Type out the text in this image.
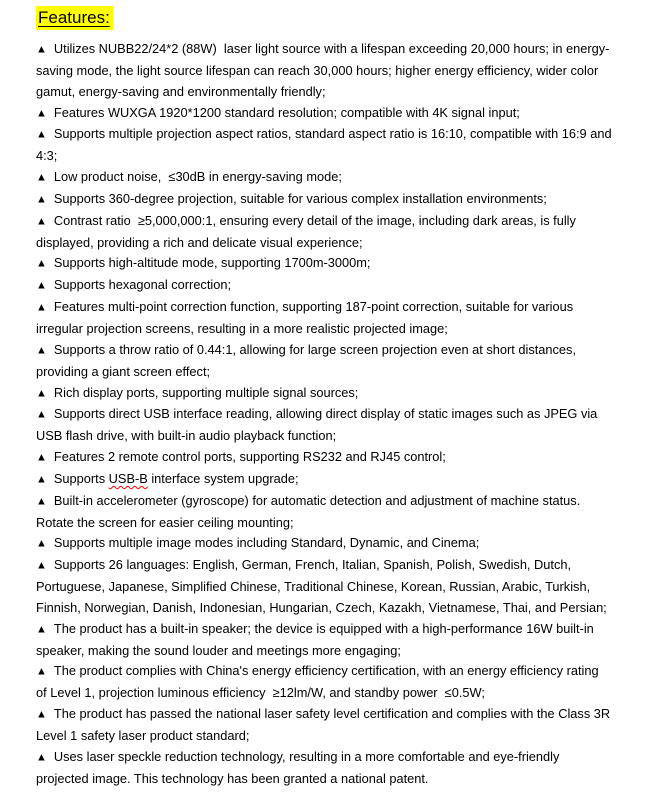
Features:

▲ Utilizes NUBB22/24*2 (88W)  laser light source with a lifespan exceeding 20,000 hours; in energy-saving mode, the light source lifespan can reach 30,000 hours; higher energy efficiency, wider color gamut, energy-saving and environmentally friendly;

▲ Features WUXGA 1920*1200 standard resolution; compatible with 4K signal input;

▲ Supports multiple projection aspect ratios, standard aspect ratio is 16:10, compatible with 16:9 and 4:3;

▲ Low product noise,  ≤30dB in energy-saving mode;

▲ Supports 360-degree projection, suitable for various complex installation environments;

▲ Contrast ratio  ≥5,000,000:1, ensuring every detail of the image, including dark areas, is fully displayed, providing a rich and delicate visual experience;

▲ Supports high-altitude mode, supporting 1700m-3000m;

▲ Supports hexagonal correction;

▲ Features multi-point correction function, supporting 187-point correction, suitable for various irregular projection screens, resulting in a more realistic projected image;

▲ Supports a throw ratio of 0.44:1, allowing for large screen projection even at short distances, providing a giant screen effect;

▲ Rich display ports, supporting multiple signal sources;

▲ Supports direct USB interface reading, allowing direct display of static images such as JPEG via USB flash drive, with built-in audio playback function;

▲ Features 2 remote control ports, supporting RS232 and RJ45 control;

▲ Supports USB-B interface system upgrade;

▲ Built-in accelerometer (gyroscope) for automatic detection and adjustment of machine status. Rotate the screen for easier ceiling mounting;

▲ Supports multiple image modes including Standard, Dynamic, and Cinema;

▲ Supports 26 languages: English, German, French, Italian, Spanish, Polish, Swedish, Dutch, Portuguese, Japanese, Simplified Chinese, Traditional Chinese, Korean, Russian, Arabic, Turkish, Finnish, Norwegian, Danish, Indonesian, Hungarian, Czech, Kazakh, Vietnamese, Thai, and Persian;

▲ The product has a built-in speaker; the device is equipped with a high-performance 16W built-in speaker, making the sound louder and meetings more engaging;

▲ The product complies with China's energy efficiency certification, with an energy efficiency rating of Level 1, projection luminous efficiency  ≥12lm/W, and standby power  ≤0.5W;

▲ The product has passed the national laser safety level certification and complies with the Class 3R Level 1 safety laser product standard;

▲ Uses laser speckle reduction technology, resulting in a more comfortable and eye-friendly projected image. This technology has been granted a national patent.
